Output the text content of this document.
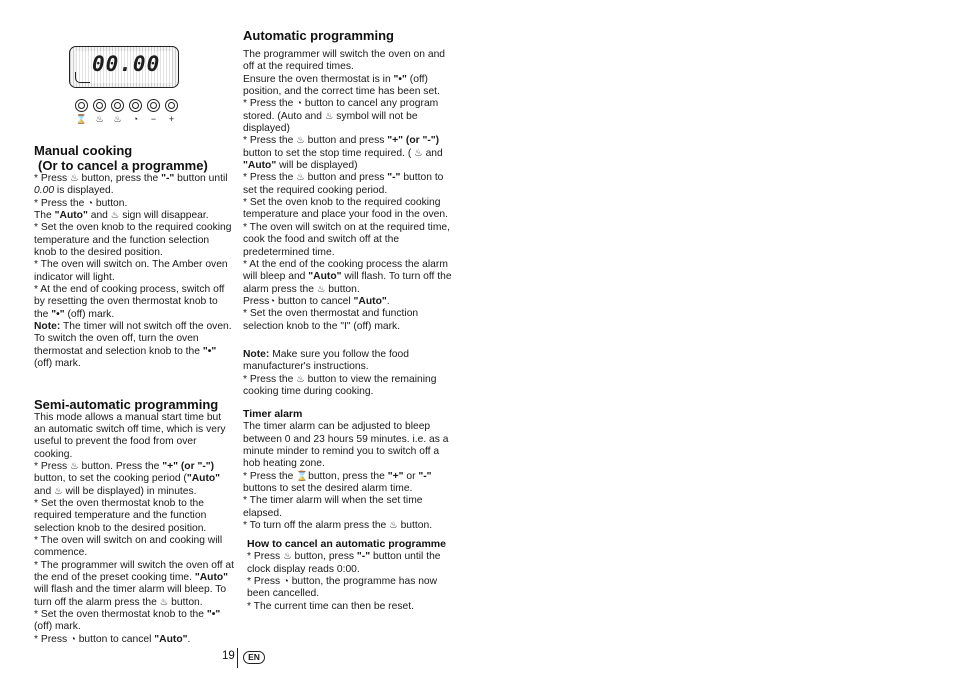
00.00
⌛ ♨ ♨	◔	−	+
Manual cooking
(Or to cancel a programme)

* Press ♨ button, press the "-" button until 0.00 is displayed.

* Press the ◔ button.

The "Auto" and ♨ sign will disappear.

* Set the oven knob to the required cooking temperature and the function selection knob to the desired position.

* The oven will switch on. The Amber oven indicator will light.

* At the end of cooking process, switch off by resetting the oven thermostat knob to the "•" (off) mark.

Note: The timer will not switch off the oven. To switch the oven off, turn the oven thermostat and selection knob to the "•" (off) mark.

Semi-automatic programming

This mode allows a manual start time but an automatic switch off time, which is very useful to prevent the food from over cooking.

* Press ♨ button. Press the "+" (or "-") button, to set the cooking period ("Auto" and ♨ will be displayed) in minutes.

* Set the oven thermostat knob to the required temperature and the function selection knob to the desired position.

* The oven will switch on and cooking will commence.

* The programmer will switch the oven off at the end of the preset cooking time. "Auto" will flash and the timer alarm will bleep. To turn off the alarm press the ♨ button.

* Set the oven thermostat knob to the "•" (off) mark.

* Press ◔ button to cancel "Auto".

Automatic programming

The programmer will switch the oven on and off at the required times.

Ensure the oven thermostat is in "•" (off) position, and the correct time has been set.

* Press the ◔ button to cancel any program stored. (Auto and ♨ symbol will not be displayed)

* Press the ♨ button and press "+" (or "-") button to set the stop time required. ( ♨ and "Auto" will be displayed)

* Press the ♨ button and press "-" button to set the required cooking period.

* Set the oven knob to the required cooking temperature and place your food in the oven.

* The oven will switch on at the required time, cook the food and switch off at the predetermined time.

* At the end of the cooking process the alarm will bleep and "Auto" will flash. To turn off the alarm press the ♨ button.

Press◔ button to cancel "Auto".

* Set the oven thermostat and function selection knob to the "I" (off) mark.

Note: Make sure you follow the food manufacturer's instructions.

* Press the ♨ button to view the remaining cooking time during cooking.

Timer alarm

The timer alarm can be adjusted to bleep between 0 and 23 hours 59 minutes. i.e. as a minute minder to remind you to switch off a hob heating zone.

* Press the ⌛button, press the "+" or "-" buttons to set the desired alarm time.

* The timer alarm will when the set time elapsed.

* To turn off the alarm press the ♨ button.

How to cancel an automatic programme

* Press ♨ button, press "-" button until the clock display reads 0:00.

* Press ◔ button, the programme has now been cancelled.

* The current time can then be reset.

19	EN
